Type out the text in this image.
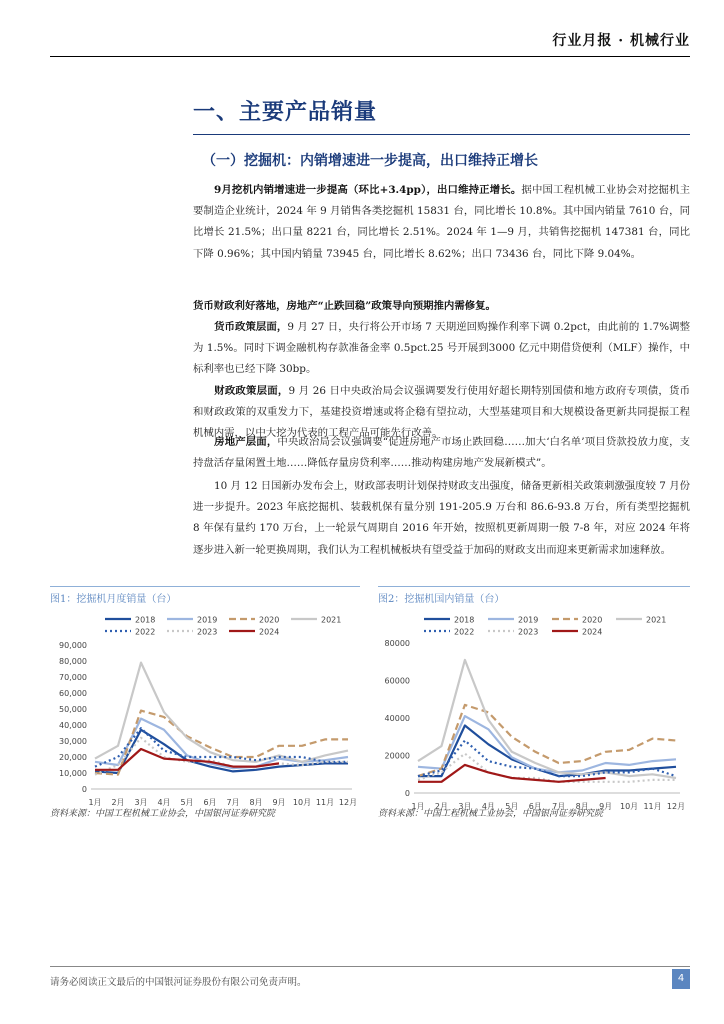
行业月报 · 机械行业
一、主要产品销量
（一）挖掘机：内销增速进一步提高，出口维持正增长
9月挖机内销增速进一步提高（环比+3.4pp），出口维持正增长。据中国工程机械工业协会对挖掘机主要制造企业统计，2024 年 9 月销售各类挖掘机 15831 台，同比增长 10.8%。其中国内销量 7610 台，同比增长 21.5%；出口量 8221 台，同比增长 2.51%。2024 年 1—9 月，共销售挖掘机 147381 台，同比下降 0.96%；其中国内销量 73945 台，同比增长 8.62%；出口 73436 台，同比下降 9.04%。
货币财政利好落地，房地产“止跌回稳”政策导向预期推内需修复。
货币政策层面，9 月 27 日，央行将公开市场 7 天期逆回购操作利率下调 0.2pct，由此前的 1.7%调整为 1.5%。同时下调金融机构存款准备金率 0.5pct.25 号开展到3000 亿元中期借贷便利（MLF）操作，中标利率也已经下降 30bp。
财政政策层面，9 月 26 日中央政治局会议强调要发行使用好超长期特别国债和地方政府专项债，货币和财政政策的双重发力下，基建投资增速或将企稳有望拉动，大型基建项目和大规模设备更新共同提振工程机械内需，以中大挖为代表的工程产品可能先行改善。
房地产层面，中央政治局会议强调要“促进房地产市场止跌回稳……加大‘白名单’项目贷款投放力度，支持盘活存量闲置土地……降低存量房贷利率……推动构建房地产发展新模式”。
10 月 12 日国新办发布会上，财政部表明计划保持财政支出强度，储备更新相关政策刺激强度较 7 月份进一步提升。2023 年底挖掘机、装载机保有量分别 191-205.9 万台和 86.6-93.8 万台，所有类型挖掘机 8 年保有量约 170 万台，上一轮景气周期自 2016 年开始，按照机更新周期一般 7-8 年，对应 2024 年将逐步进入新一轮更换周期，我们认为工程机械板块有望受益于加码的财政支出而迎来更新需求加速释放。
图1：挖掘机月度销量（台）
2018	2019	2020	2021
2022	2023	2024
0
10,000
20,000
30,000
40,000
50,000
60,000
70,000
80,000
90,000
1月 2月 3月 4月 5月 6月 7月 8月 9月 10月 11月 12月
资料来源：中国工程机械工业协会，中国银河证券研究院
图2：挖掘机国内销量（台）
2018	2019	2020	2021
2022	2023	2024
0
20000
40000
60000
80000
1月 2月 3月 4月 5月 6月 7月 8月 9月 10月 11月 12月
资料来源：中国工程机械工业协会，中国银河证券研究院
请务必阅读正文最后的中国银河证券股份有限公司免责声明。	4
